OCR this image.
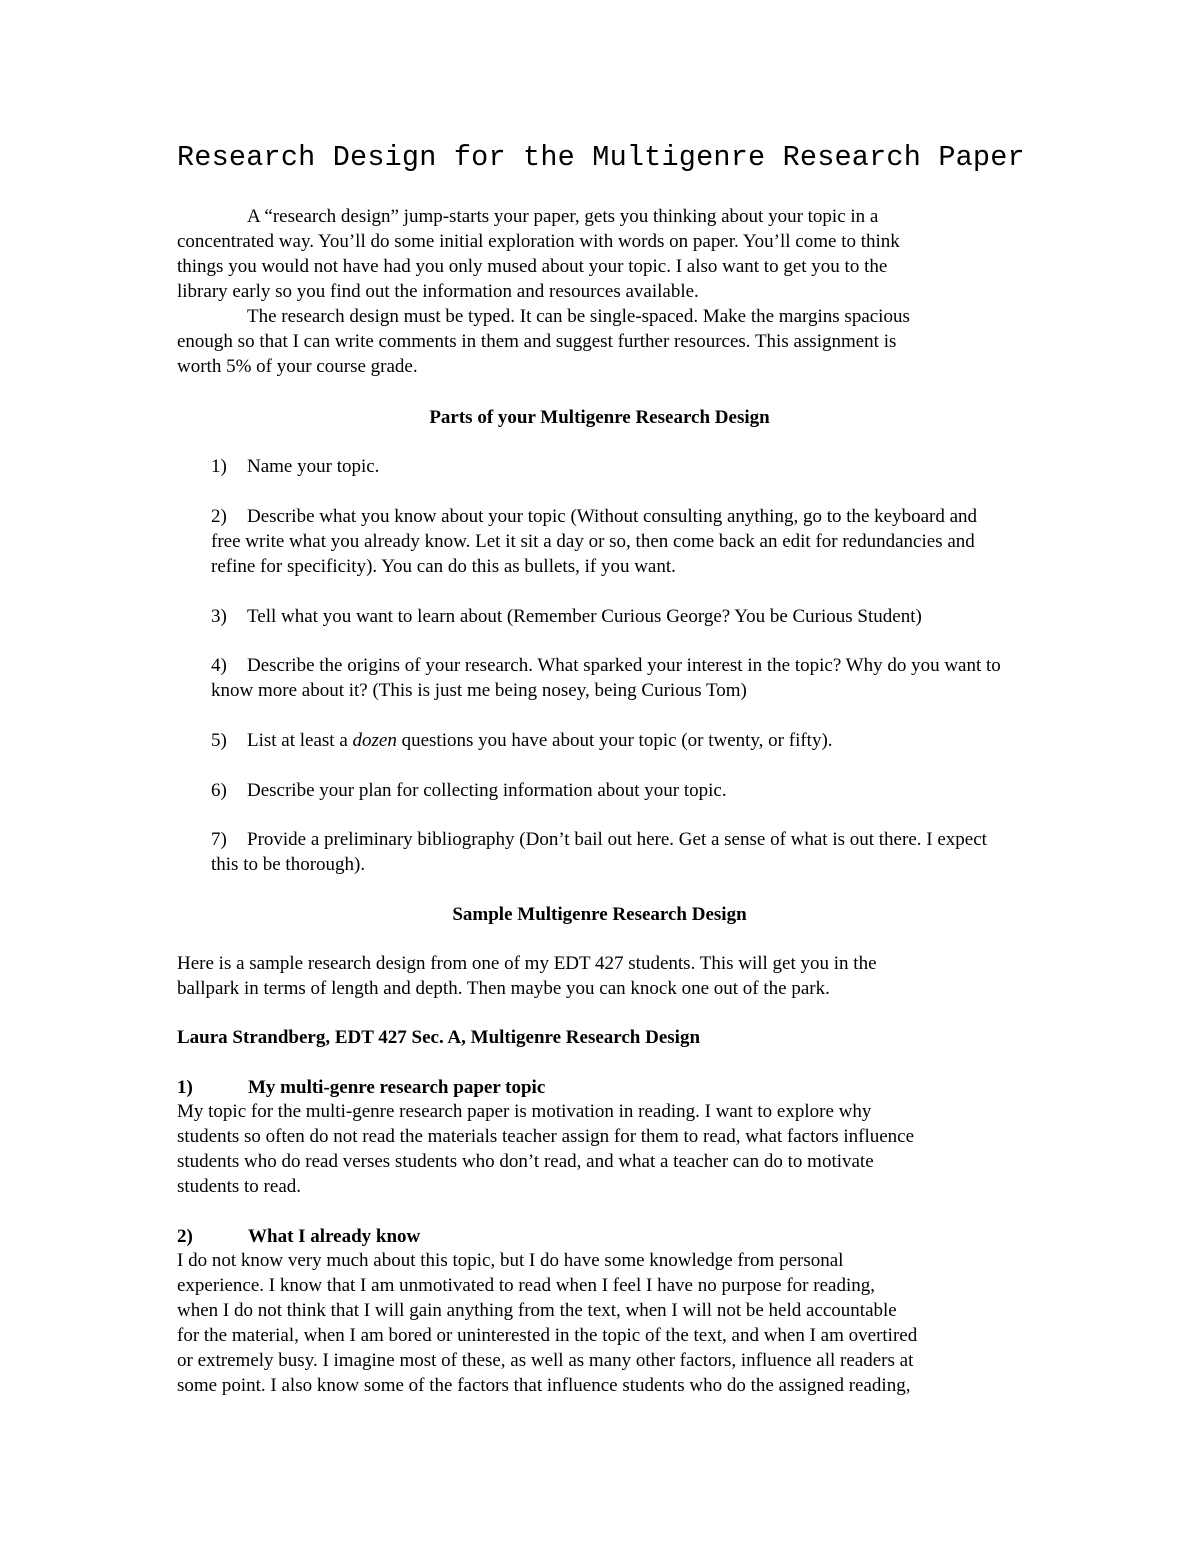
Research Design for the Multigenre Research Paper
A “research design” jump-starts your paper, gets you thinking about your topic in a
concentrated way. You’ll do some initial exploration with words on paper. You’ll come to think
things you would not have had you only mused about your topic. I also want to get you to the
library early so you find out the information and resources available.
The research design must be typed. It can be single-spaced. Make the margins spacious
enough so that I can write comments in them and suggest further resources. This assignment is
worth 5% of your course grade.
Parts of your Multigenre Research Design
1) Name your topic.
2) Describe what you know about your topic (Without consulting anything, go to the keyboard and
free write what you already know. Let it sit a day or so, then come back an edit for redundancies and
refine for specificity). You can do this as bullets, if you want.
3) Tell what you want to learn about (Remember Curious George? You be Curious Student)
4) Describe the origins of your research. What sparked your interest in the topic? Why do you want to
know more about it? (This is just me being nosey, being Curious Tom)
5) List at least a dozen questions you have about your topic (or twenty, or fifty).
6) Describe your plan for collecting information about your topic.
7) Provide a preliminary bibliography (Don’t bail out here. Get a sense of what is out there. I expect
this to be thorough).
Sample Multigenre Research Design
Here is a sample research design from one of my EDT 427 students. This will get you in the
ballpark in terms of length and depth. Then maybe you can knock one out of the park.
Laura Strandberg, EDT 427 Sec. A, Multigenre Research Design
1)	My multi-genre research paper topic
My topic for the multi-genre research paper is motivation in reading. I want to explore why
students so often do not read the materials teacher assign for them to read, what factors influence
students who do read verses students who don’t read, and what a teacher can do to motivate
students to read.
2)	What I already know
I do not know very much about this topic, but I do have some knowledge from personal
experience. I know that I am unmotivated to read when I feel I have no purpose for reading,
when I do not think that I will gain anything from the text, when I will not be held accountable
for the material, when I am bored or uninterested in the topic of the text, and when I am overtired
or extremely busy. I imagine most of these, as well as many other factors, influence all readers at
some point. I also know some of the factors that influence students who do the assigned reading,
